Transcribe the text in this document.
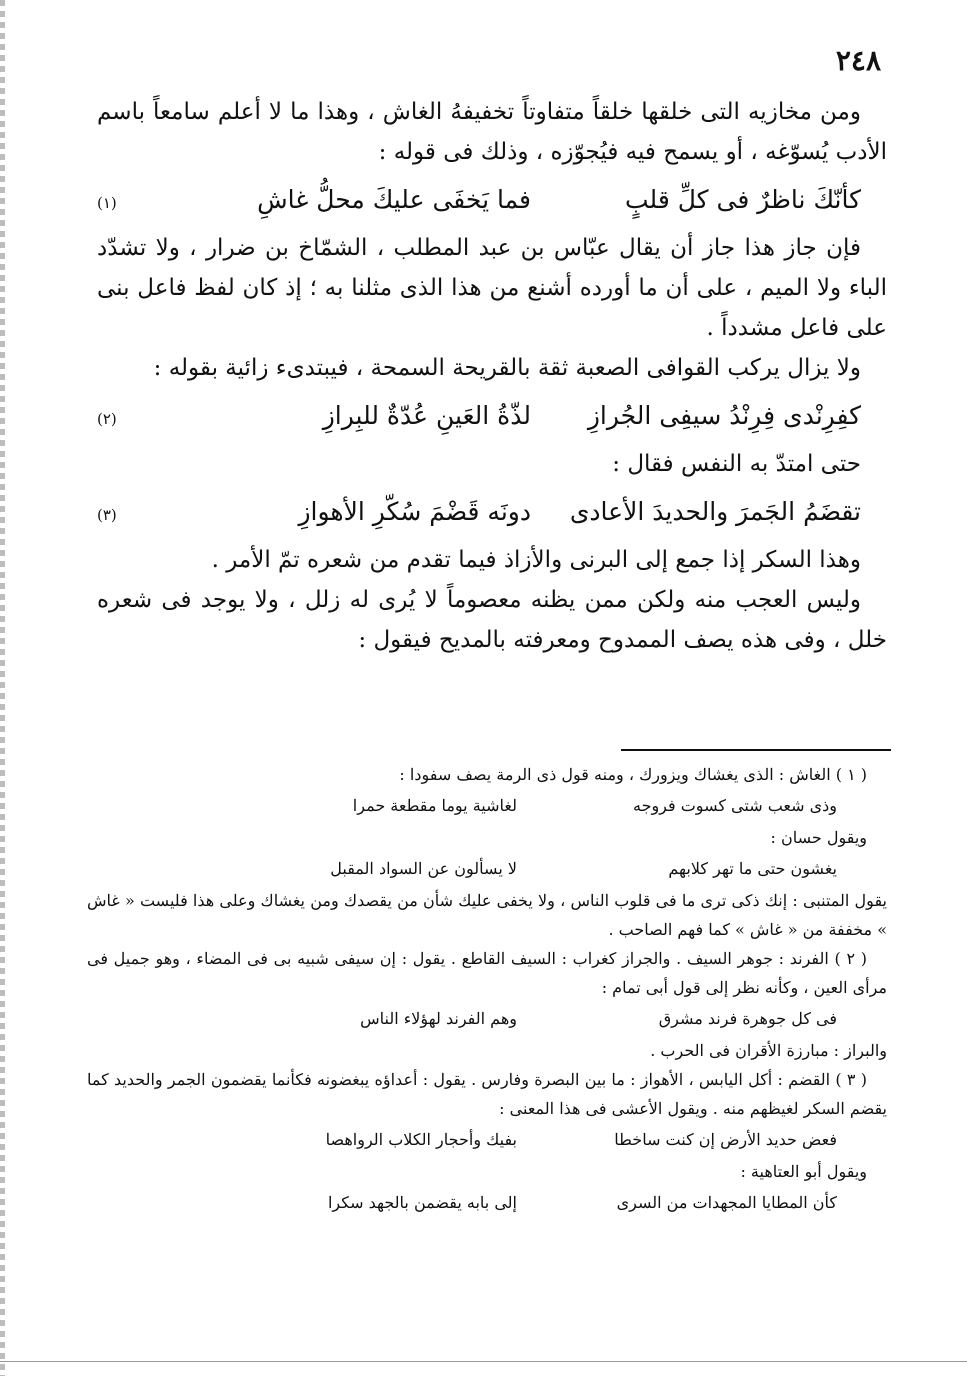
٢٤٨

ومن مخازيه التى خلقها خلقاً متفاوتاً تخفيفهُ الغاش ، وهذا ما لا أعلم سامعاً باسم الأدب يُسوّغه ، أو يسمح فيه فيُجوّزه ، وذلك فى قوله :

كأنّكَ ناظرٌ فى كلِّ قلبٍ
فما يَخفَى عليكَ محلُّ غاشِ
(١)

فإن جاز هذا جاز أن يقال عبّاس بن عبد المطلب ، الشمّاخ بن ضرار ، ولا تشدّد الباء ولا الميم ، على أن ما أورده أشنع من هذا الذى مثلنا به ؛ إذ كان لفظ فاعل بنى على فاعل مشدداً .

ولا يزال يركب القوافى الصعبة ثقة بالقريحة السمحة ، فيبتدىء زائية بقوله :

كفِرِنْدى فِرِنْدُ سيفِى الجُرازِ
لذّةُ العَينِ عُدّةٌ للبِرازِ
(٢)

حتى امتدّ به النفس فقال :

تقضَمُ الجَمرَ والحديدَ الأعادى
دونَه قَضْمَ سُكّرِ الأهوازِ
(٣)

وهذا السكر إذا جمع إلى البرنى والأزاذ فيما تقدم من شعره تمّ الأمر .

وليس العجب منه ولكن ممن يظنه معصوماً لا يُرى له زلل ، ولا يوجد فى شعره خلل ، وفى هذه يصف الممدوح ومعرفته بالمديح فيقول :

( ١ ) الغاش : الذى يغشاك ويزورك ، ومنه قول ذى الرمة يصف سفودا :

وذى شعب شتى كسوت فروجه
لغاشية يوما مقطعة حمرا

ويقول حسان :

يغشون حتى ما تهر كلابهم
لا يسألون عن السواد المقبل

يقول المتنبى : إنك ذكى ترى ما فى قلوب الناس ، ولا يخفى عليك شأن من يقصدك ومن يغشاك وعلى هذا فليست « غاش » مخففة من « غاش » كما فهم الصاحب .

( ٢ ) الفرند : جوهر السيف . والجراز كغراب : السيف القاطع . يقول : إن سيفى شبيه بى فى المضاء ، وهو جميل فى مرأى العين ، وكأنه نظر إلى قول أبى تمام :

فى كل جوهرة فرند مشرق
وهم الفرند لهؤلاء الناس

والبراز : مبارزة الأقران فى الحرب .

( ٣ ) القضم : أكل اليابس ، الأهواز : ما بين البصرة وفارس . يقول : أعداؤه يبغضونه فكأنما يقضمون الجمر والحديد كما يقضم السكر لغيظهم منه . ويقول الأعشى فى هذا المعنى :

فعض حديد الأرض إن كنت ساخطا
بفيك وأحجار الكلاب الرواهصا

ويقول أبو العتاهية :

كأن المطايا المجهدات من السرى
إلى بابه يقضمن بالجهد سكرا
